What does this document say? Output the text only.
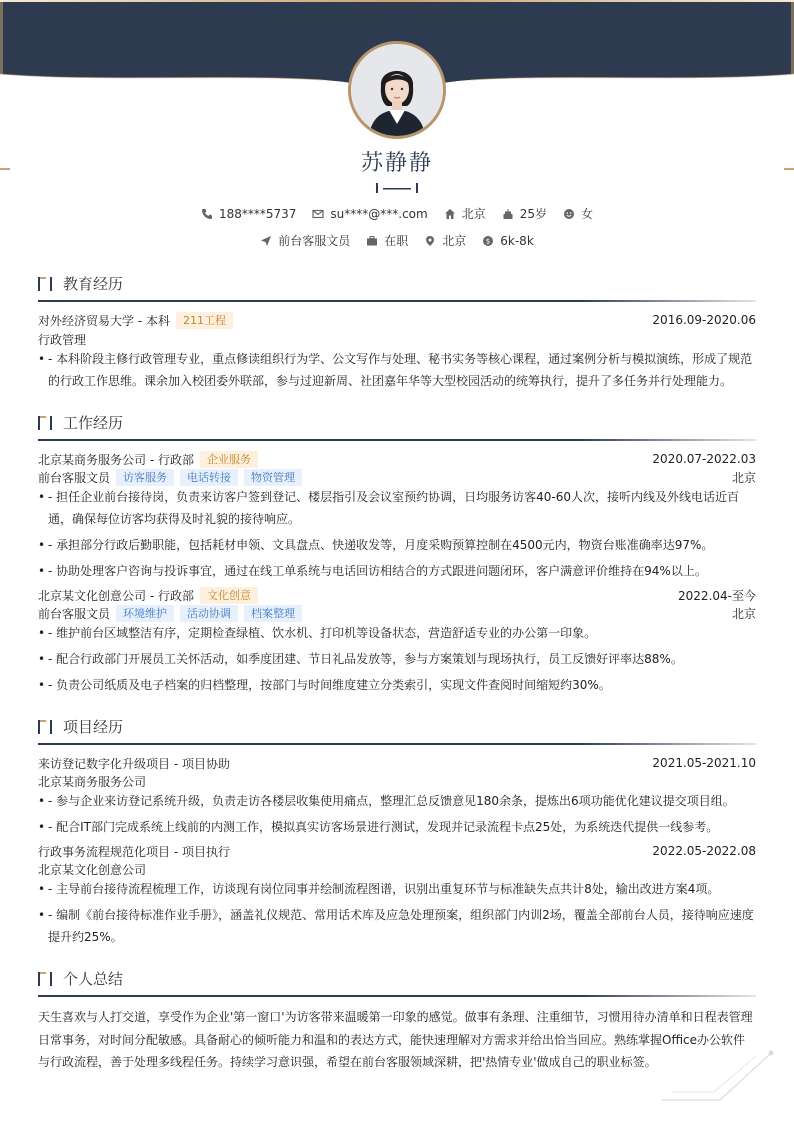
苏静静
188****5737	su****@***.com	北京	25岁	女
前台客服文员	在职	北京	$ 6k-8k
教育经历
对外经济贸易大学 - 本科	211工程	2016.09-2020.06
行政管理
• - 本科阶段主修行政管理专业，重点修读组织行为学、公文写作与处理、秘书实务等核心课程，通过案例分析与模拟演练，形成了规范的行政工作思维。课余加入校团委外联部，参与过迎新周、社团嘉年华等大型校园活动的统筹执行，提升了多任务并行处理能力。
工作经历
北京某商务服务公司 - 行政部	企业服务	2020.07-2022.03
前台客服文员	访客服务	电话转接	物资管理	北京
• - 担任企业前台接待岗，负责来访客户签到登记、楼层指引及会议室预约协调，日均服务访客40-60人次，接听内线及外线电话近百通，确保每位访客均获得及时礼貌的接待响应。
• - 承担部分行政后勤职能，包括耗材申领、文具盘点、快递收发等，月度采购预算控制在4500元内，物资台账准确率达97%。
• - 协助处理客户咨询与投诉事宜，通过在线工单系统与电话回访相结合的方式跟进问题闭环，客户满意评价维持在94%以上。
北京某文化创意公司 - 行政部	文化创意	2022.04-至今
前台客服文员	环境维护	活动协调	档案整理	北京
• - 维护前台区域整洁有序，定期检查绿植、饮水机、打印机等设备状态，营造舒适专业的办公第一印象。
• - 配合行政部门开展员工关怀活动，如季度团建、节日礼品发放等，参与方案策划与现场执行，员工反馈好评率达88%。
• - 负责公司纸质及电子档案的归档整理，按部门与时间维度建立分类索引，实现文件查阅时间缩短约30%。
项目经历
来访登记数字化升级项目 - 项目协助	2021.05-2021.10
北京某商务服务公司
• - 参与企业来访登记系统升级，负责走访各楼层收集使用痛点，整理汇总反馈意见180余条，提炼出6项功能优化建议提交项目组。
• - 配合IT部门完成系统上线前的内测工作，模拟真实访客场景进行测试，发现并记录流程卡点25处，为系统迭代提供一线参考。
行政事务流程规范化项目 - 项目执行	2022.05-2022.08
北京某文化创意公司
• - 主导前台接待流程梳理工作，访谈现有岗位同事并绘制流程图谱，识别出重复环节与标准缺失点共计8处，输出改进方案4项。
• - 编制《前台接待标准作业手册》，涵盖礼仪规范、常用话术库及应急处理预案，组织部门内训2场，覆盖全部前台人员，接待响应速度提升约25%。
个人总结
天生喜欢与人打交道，享受作为企业'第一窗口'为访客带来温暖第一印象的感觉。做事有条理、注重细节，习惯用待办清单和日程表管理日常事务，对时间分配敏感。具备耐心的倾听能力和温和的表达方式，能快速理解对方需求并给出恰当回应。熟练掌握Office办公软件与行政流程，善于处理多线程任务。持续学习意识强，希望在前台客服领域深耕，把'热情专业'做成自己的职业标签。
